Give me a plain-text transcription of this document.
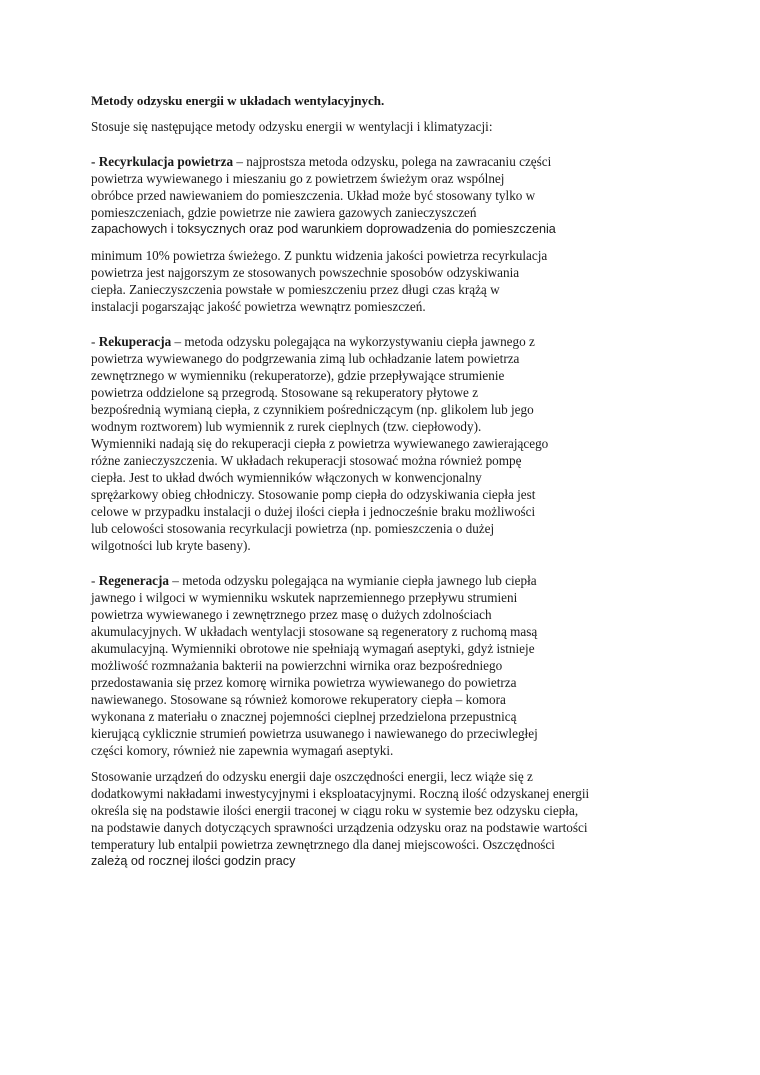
Metody odzysku energii w układach wentylacyjnych.
Stosuje się następujące metody odzysku energii w wentylacji i klimatyzacji:
- Recyrkulacja powietrza – najprostsza metoda odzysku, polega na zawracaniu części
powietrza wywiewanego i mieszaniu go z powietrzem świeżym oraz wspólnej
obróbce przed nawiewaniem do pomieszczenia. Układ może być stosowany tylko w
pomieszczeniach, gdzie powietrze nie zawiera gazowych zanieczyszczeń
zapachowych i toksycznych oraz pod warunkiem doprowadzenia do pomieszczenia
minimum 10% powietrza świeżego. Z punktu widzenia jakości powietrza recyrkulacja
powietrza jest najgorszym ze stosowanych powszechnie sposobów odzyskiwania
ciepła. Zanieczyszczenia powstałe w pomieszczeniu przez długi czas krążą w
instalacji pogarszając jakość powietrza wewnątrz pomieszczeń.
- Rekuperacja – metoda odzysku polegająca na wykorzystywaniu ciepła jawnego z
powietrza wywiewanego do podgrzewania zimą lub ochładzanie latem powietrza
zewnętrznego w wymienniku (rekuperatorze), gdzie przepływające strumienie
powietrza oddzielone są przegrodą. Stosowane są rekuperatory płytowe z
bezpośrednią wymianą ciepła, z czynnikiem pośredniczącym (np. glikolem lub jego
wodnym roztworem) lub wymiennik z rurek cieplnych (tzw. ciepłowody).
Wymienniki nadają się do rekuperacji ciepła z powietrza wywiewanego zawierającego
różne zanieczyszczenia. W układach rekuperacji stosować można również pompę
ciepła. Jest to układ dwóch wymienników włączonych w konwencjonalny
sprężarkowy obieg chłodniczy. Stosowanie pomp ciepła do odzyskiwania ciepła jest
celowe w przypadku instalacji o dużej ilości ciepła i jednocześnie braku możliwości
lub celowości stosowania recyrkulacji powietrza (np. pomieszczenia o dużej
wilgotności lub kryte baseny).
- Regeneracja – metoda odzysku polegająca na wymianie ciepła jawnego lub ciepła
jawnego i wilgoci w wymienniku wskutek naprzemiennego przepływu strumieni
powietrza wywiewanego i zewnętrznego przez masę o dużych zdolnościach
akumulacyjnych. W układach wentylacji stosowane są regeneratory z ruchomą masą
akumulacyjną. Wymienniki obrotowe nie spełniają wymagań aseptyki, gdyż istnieje
możliwość rozmnażania bakterii na powierzchni wirnika oraz bezpośredniego
przedostawania się przez komorę wirnika powietrza wywiewanego do powietrza
nawiewanego. Stosowane są również komorowe rekuperatory ciepła – komora
wykonana z materiału o znacznej pojemności cieplnej przedzielona przepustnicą
kierującą cyklicznie strumień powietrza usuwanego i nawiewanego do przeciwległej
części komory, również nie zapewnia wymagań aseptyki.
Stosowanie urządzeń do odzysku energii daje oszczędności energii, lecz wiąże się z
dodatkowymi nakładami inwestycyjnymi i eksploatacyjnymi. Roczną ilość odzyskanej energii
określa się na podstawie ilości energii traconej w ciągu roku w systemie bez odzysku ciepła,
na podstawie danych dotyczących sprawności urządzenia odzysku oraz na podstawie wartości
temperatury lub entalpii powietrza zewnętrznego dla danej miejscowości. Oszczędności
zależą od rocznej ilości godzin pracy
